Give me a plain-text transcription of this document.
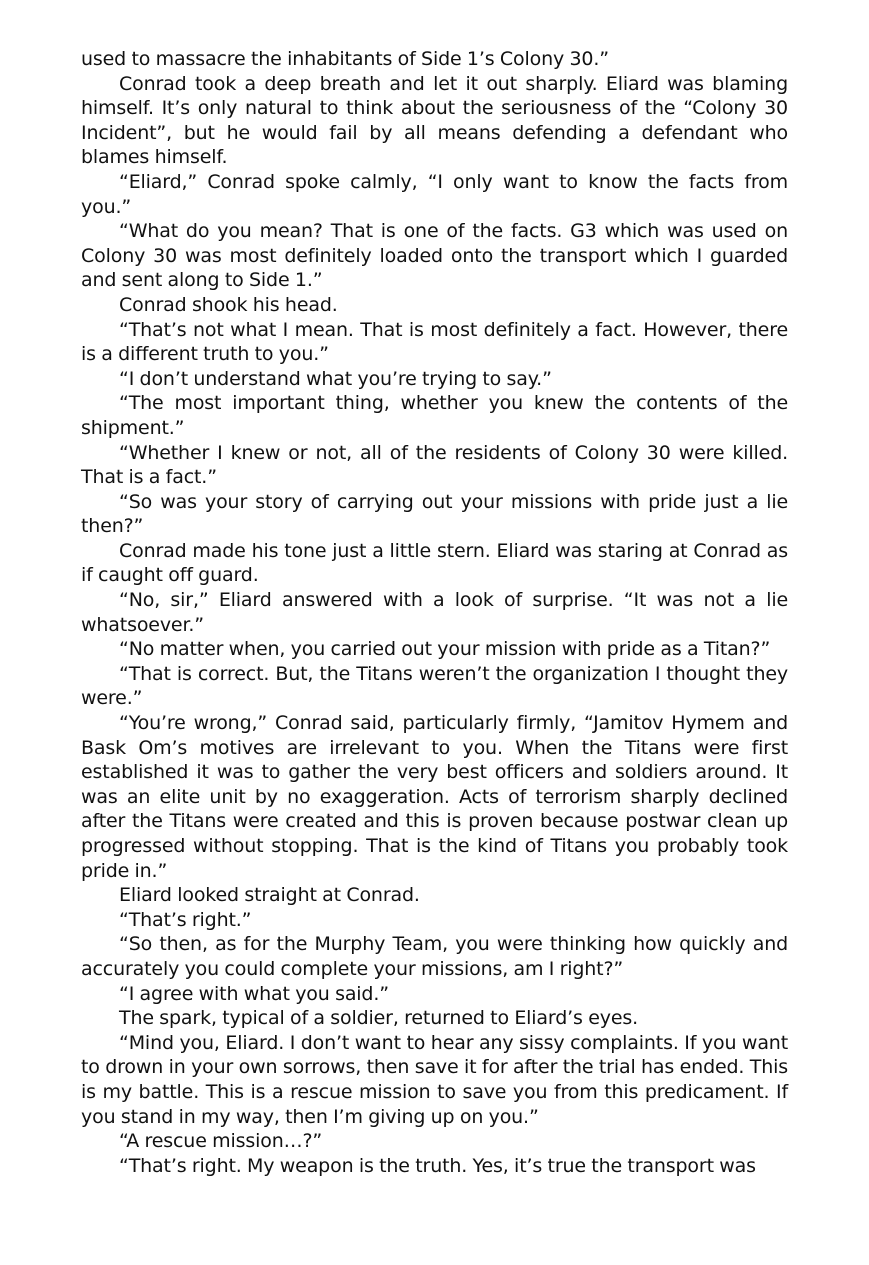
used to massacre the inhabitants of Side 1’s Colony 30.”

Conrad took a deep breath and let it out sharply. Eliard was blaming himself. It’s only natural to think about the seriousness of the “Colony 30 Incident”, but he would fail by all means defending a defendant who blames himself.

“Eliard,” Conrad spoke calmly, “I only want to know the facts from you.”

“What do you mean? That is one of the facts. G3 which was used on Colony 30 was most definitely loaded onto the transport which I guarded and sent along to Side 1.”

Conrad shook his head.

“That’s not what I mean. That is most definitely a fact. However, there is a different truth to you.”

“I don’t understand what you’re trying to say.”

“The most important thing, whether you knew the contents of the shipment.”

“Whether I knew or not, all of the residents of Colony 30 were killed. That is a fact.”

“So was your story of carrying out your missions with pride just a lie then?”

Conrad made his tone just a little stern. Eliard was staring at Conrad as if caught off guard.

“No, sir,” Eliard answered with a look of surprise. “It was not a lie whatsoever.”

“No matter when, you carried out your mission with pride as a Titan?”

“That is correct. But, the Titans weren’t the organization I thought they were.”

“You’re wrong,” Conrad said, particularly firmly, “Jamitov Hymem and Bask Om’s motives are irrelevant to you. When the Titans were first established it was to gather the very best officers and soldiers around. It was an elite unit by no exaggeration. Acts of terrorism sharply declined after the Titans were created and this is proven because postwar clean up progressed without stopping. That is the kind of Titans you probably took pride in.”

Eliard looked straight at Conrad.

“That’s right.”

“So then, as for the Murphy Team, you were thinking how quickly and accurately you could complete your missions, am I right?”

“I agree with what you said.”

The spark, typical of a soldier, returned to Eliard’s eyes.

“Mind you, Eliard. I don’t want to hear any sissy complaints. If you want to drown in your own sorrows, then save it for after the trial has ended. This is my battle. This is a rescue mission to save you from this predicament. If you stand in my way, then I’m giving up on you.”

“A rescue mission…?”

“That’s right. My weapon is the truth. Yes, it’s true the transport was
